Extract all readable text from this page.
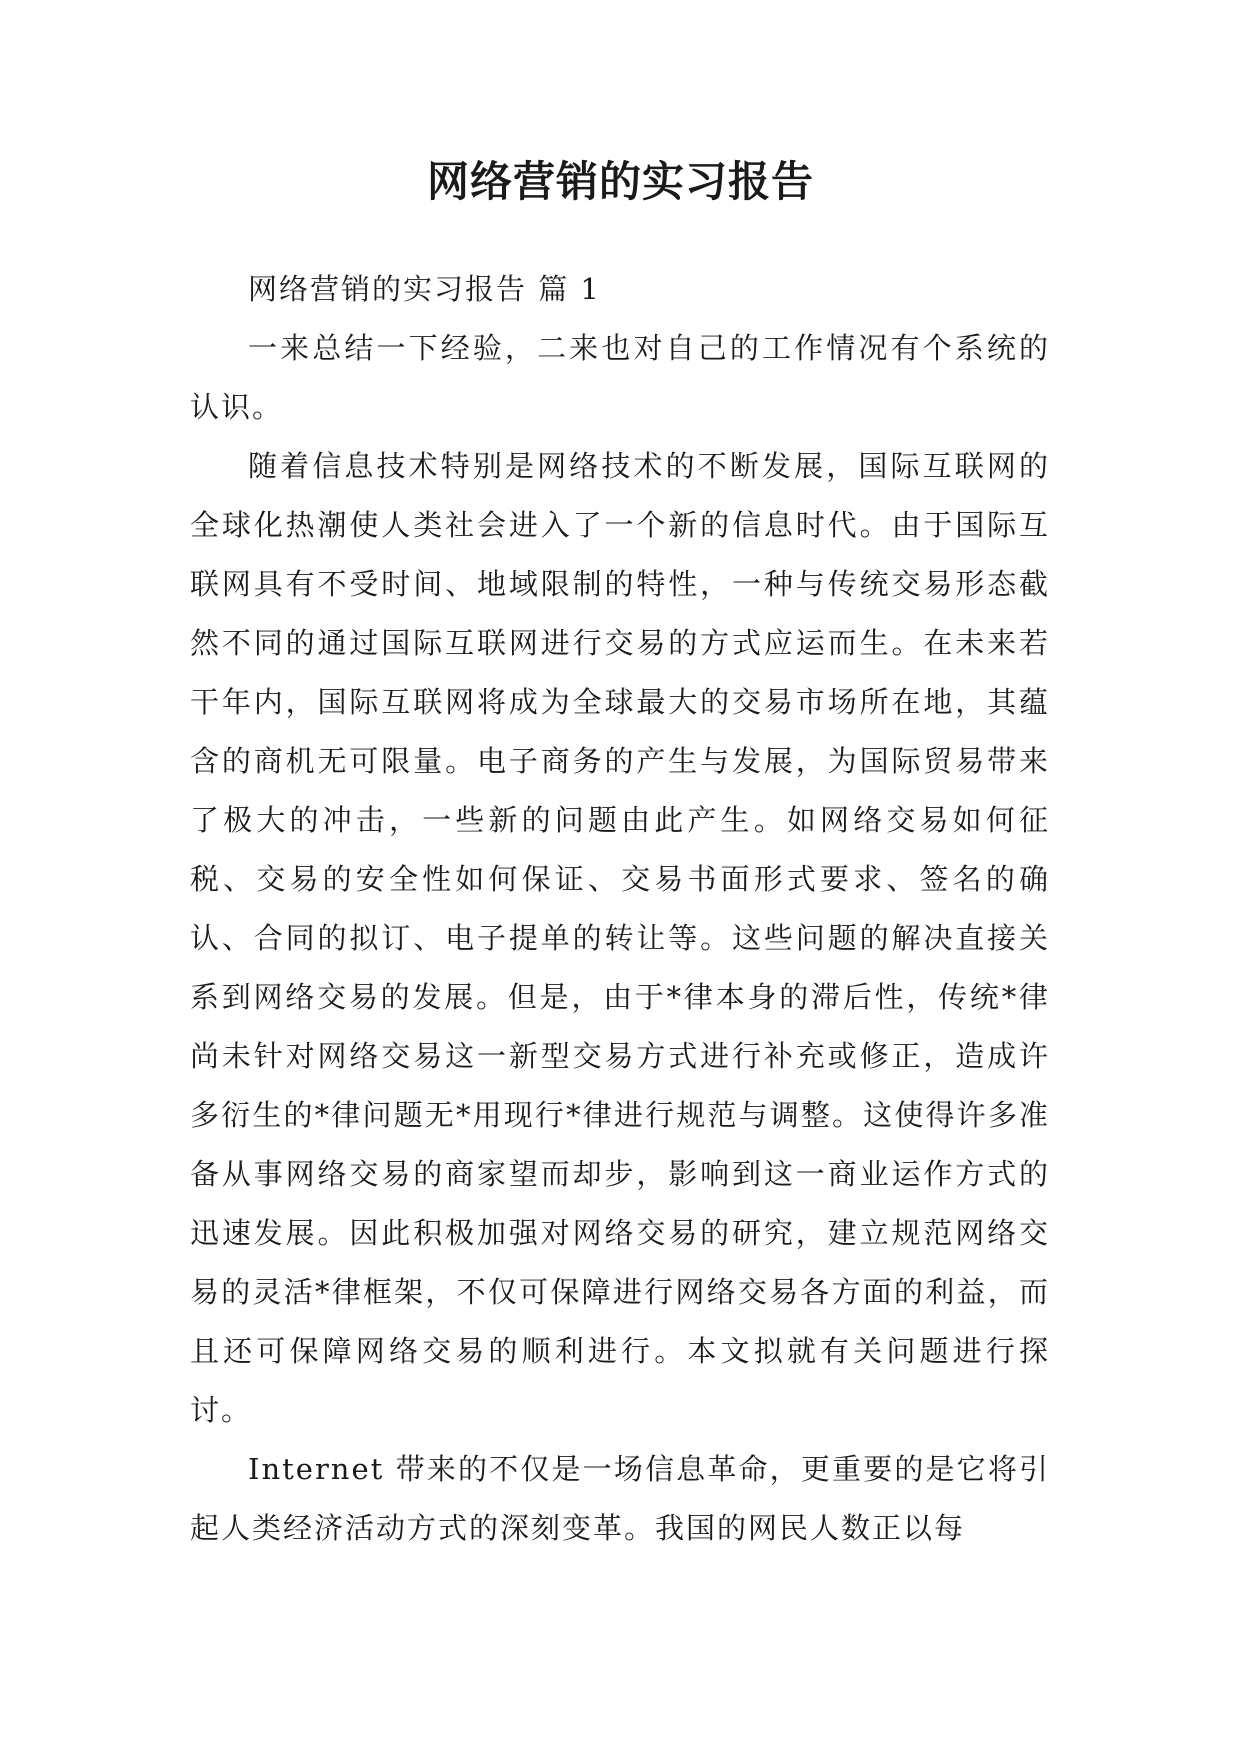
网络营销的实习报告

网络营销的实习报告 篇 1

一来总结一下经验，二来也对自己的工作情况有个系统的认识。

随着信息技术特别是网络技术的不断发展，国际互联网的全球化热潮使人类社会进入了一个新的信息时代。由于国际互联网具有不受时间、地域限制的特性，一种与传统交易形态截然不同的通过国际互联网进行交易的方式应运而生。在未来若干年内，国际互联网将成为全球最大的交易市场所在地，其蕴含的商机无可限量。电子商务的产生与发展，为国际贸易带来了极大的冲击，一些新的问题由此产生。如网络交易如何征税、交易的安全性如何保证、交易书面形式要求、签名的确认、合同的拟订、电子提单的转让等。这些问题的解决直接关系到网络交易的发展。但是，由于*律本身的滞后性，传统*律尚未针对网络交易这一新型交易方式进行补充或修正，造成许多衍生的*律问题无*用现行*律进行规范与调整。这使得许多准备从事网络交易的商家望而却步，影响到这一商业运作方式的迅速发展。因此积极加强对网络交易的研究，建立规范网络交易的灵活*律框架，不仅可保障进行网络交易各方面的利益，而且还可保障网络交易的顺利进行。本文拟就有关问题进行探讨。

Internet 带来的不仅是一场信息革命，更重要的是它将引起人类经济活动方式的深刻变革。我国的网民人数正以每
